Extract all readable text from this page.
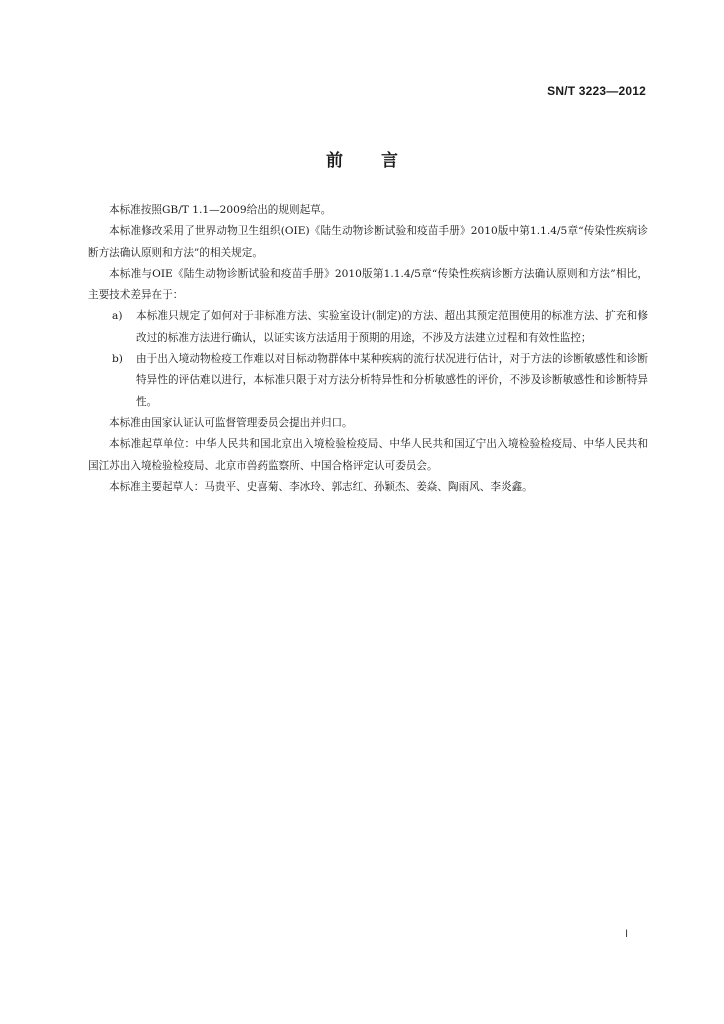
SN/T 3223—2012
前言

本标准按照GB/T 1.1—2009给出的规则起草。

本标准修改采用了世界动物卫生组织(OIE)《陆生动物诊断试验和疫苗手册》2010版中第1.1.4/5章“传染性疾病诊断方法确认原则和方法”的相关规定。

本标准与OIE《陆生动物诊断试验和疫苗手册》2010版第1.1.4/5章“传染性疾病诊断方法确认原则和方法”相比，主要技术差异在于：

a) 本标准只规定了如何对于非标准方法、实验室设计(制定)的方法、超出其预定范围使用的标准方法、扩充和修改过的标准方法进行确认，以证实该方法适用于预期的用途，不涉及方法建立过程和有效性监控；
b) 由于出入境动物检疫工作难以对目标动物群体中某种疾病的流行状况进行估计，对于方法的诊断敏感性和诊断特异性的评估难以进行，本标准只限于对方法分析特异性和分析敏感性的评价，不涉及诊断敏感性和诊断特异性。

本标准由国家认证认可监督管理委员会提出并归口。

本标准起草单位：中华人民共和国北京出入境检验检疫局、中华人民共和国辽宁出入境检验检疫局、中华人民共和国江苏出入境检验检疫局、北京市兽药监察所、中国合格评定认可委员会。

本标准主要起草人：马贵平、史喜菊、李冰玲、郭志红、孙颖杰、姜焱、陶雨风、李炎鑫。

I
